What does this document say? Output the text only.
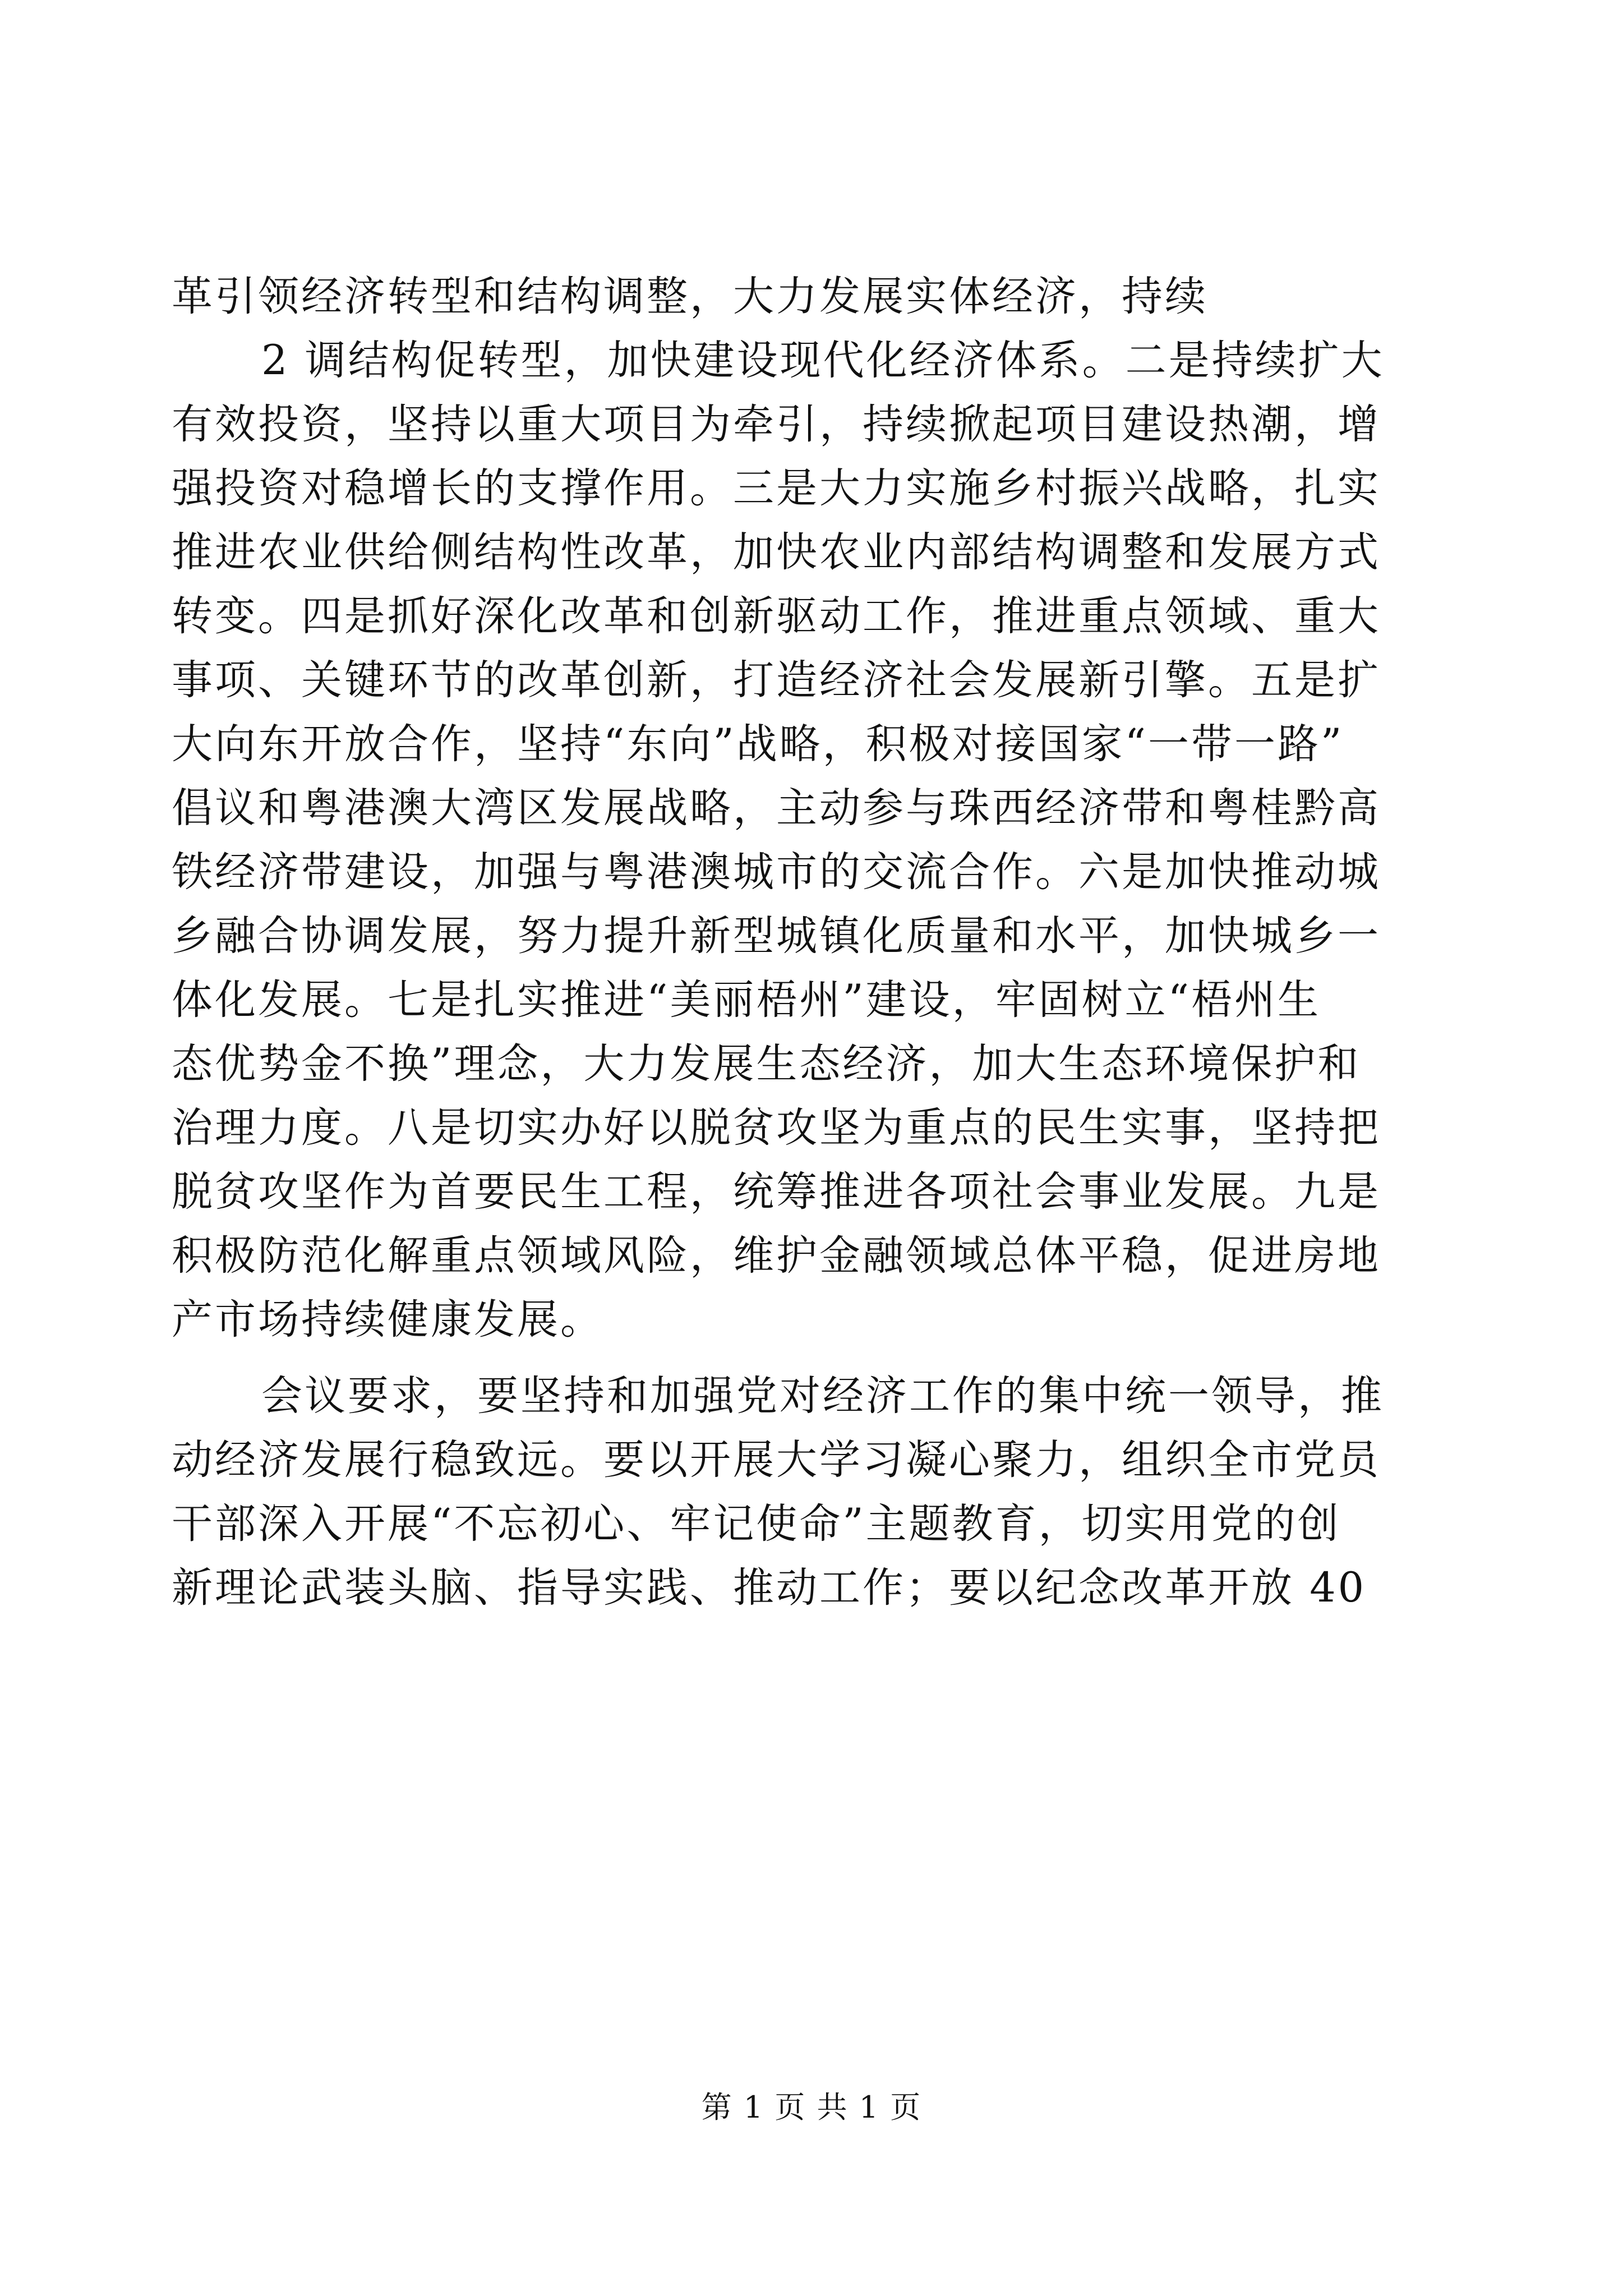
革引领经济转型和结构调整，大力发展实体经济，持续
2 调结构促转型，加快建设现代化经济体系。二是持续扩大
有效投资，坚持以重大项目为牵引，持续掀起项目建设热潮，增
强投资对稳增长的支撑作用。三是大力实施乡村振兴战略，扎实
推进农业供给侧结构性改革，加快农业内部结构调整和发展方式
转变。四是抓好深化改革和创新驱动工作，推进重点领域、重大
事项、关键环节的改革创新，打造经济社会发展新引擎。五是扩
大向东开放合作，坚持“东向”战略，积极对接国家“一带一路”
倡议和粤港澳大湾区发展战略，主动参与珠西经济带和粤桂黔高
铁经济带建设，加强与粤港澳城市的交流合作。六是加快推动城
乡融合协调发展，努力提升新型城镇化质量和水平，加快城乡一
体化发展。七是扎实推进“美丽梧州”建设，牢固树立“梧州生
态优势金不换”理念，大力发展生态经济，加大生态环境保护和
治理力度。八是切实办好以脱贫攻坚为重点的民生实事，坚持把
脱贫攻坚作为首要民生工程，统筹推进各项社会事业发展。九是
积极防范化解重点领域风险，维护金融领域总体平稳，促进房地
产市场持续健康发展。
会议要求，要坚持和加强党对经济工作的集中统一领导，推
动经济发展行稳致远。要以开展大学习凝心聚力，组织全市党员
干部深入开展“不忘初心、牢记使命”主题教育，切实用党的创
新理论武装头脑、指导实践、推动工作；要以纪念改革开放 40
第 1 页 共 1 页
